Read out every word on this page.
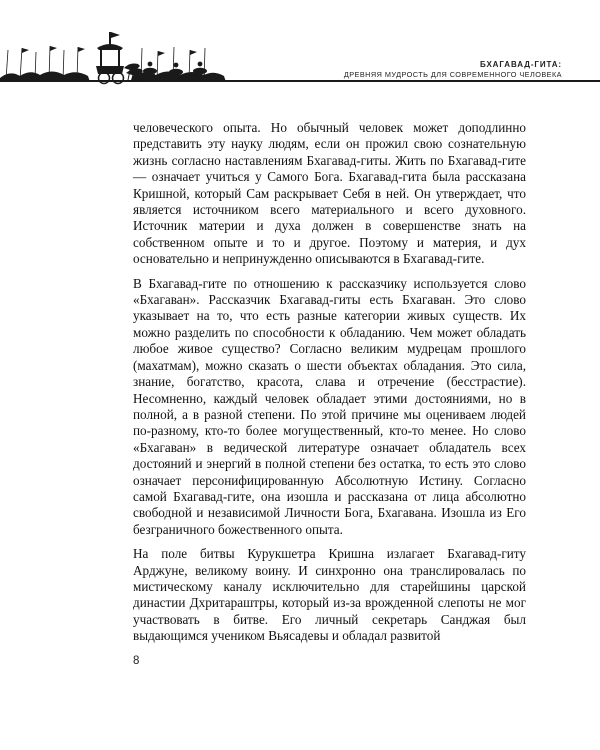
БХАГАВАД-ГИТА:
ДРЕВНЯЯ МУДРОСТЬ ДЛЯ СОВРЕМЕННОГО ЧЕЛОВЕКА

человеческого опыта. Но обычный человек может доподлинно представить эту науку людям, если он прожил свою сознательную жизнь согласно наставлениям Бхагавад-гиты. Жить по Бхагавад-гите — означает учиться у Самого Бога. Бхагавад-гита была рассказана Кришной, который Сам раскрывает Себя в ней. Он утверждает, что является источником всего материального и всего духовного. Источник материи и духа должен в совершенстве знать на собственном опыте и то и другое. Поэтому и материя, и дух основательно и непринужденно описываются в Бхагавад-гите.

В Бхагавад-гите по отношению к рассказчику используется слово «Бхагаван». Рассказчик Бхагавад-гиты есть Бхагаван. Это слово указывает на то, что есть разные категории живых существ. Их можно разделить по способности к обладанию. Чем может обладать любое живое существо? Согласно великим мудрецам прошлого (махатмам), можно сказать о шести объектах обладания. Это сила, знание, богатство, красота, слава и отречение (бесстрастие). Несомненно, каждый человек обладает этими достояниями, но в полной, а в разной степени. По этой причине мы оцениваем людей по-разному, кто-то более могущественный, кто-то менее. Но слово «Бхагаван» в ведической литературе означает обладатель всех достояний и энергий в полной степени без остатка, то есть это слово означает персонифицированную Абсолютную Истину. Согласно самой Бхагавад-гите, она изошла и рассказана от лица абсолютно свободной и независимой Личности Бога, Бхагавана. Изошла из Его безграничного божественного опыта.

На поле битвы Курукшетра Кришна излагает Бхагавад-гиту Арджуне, великому воину. И синхронно она транслировалась по мистическому каналу исключительно для старейшины царской династии Дхритараштры, который из-за врожденной слепоты не мог участвовать в битве. Его личный секретарь Санджая был выдающимся учеником Вьясадевы и обладал развитой

8
